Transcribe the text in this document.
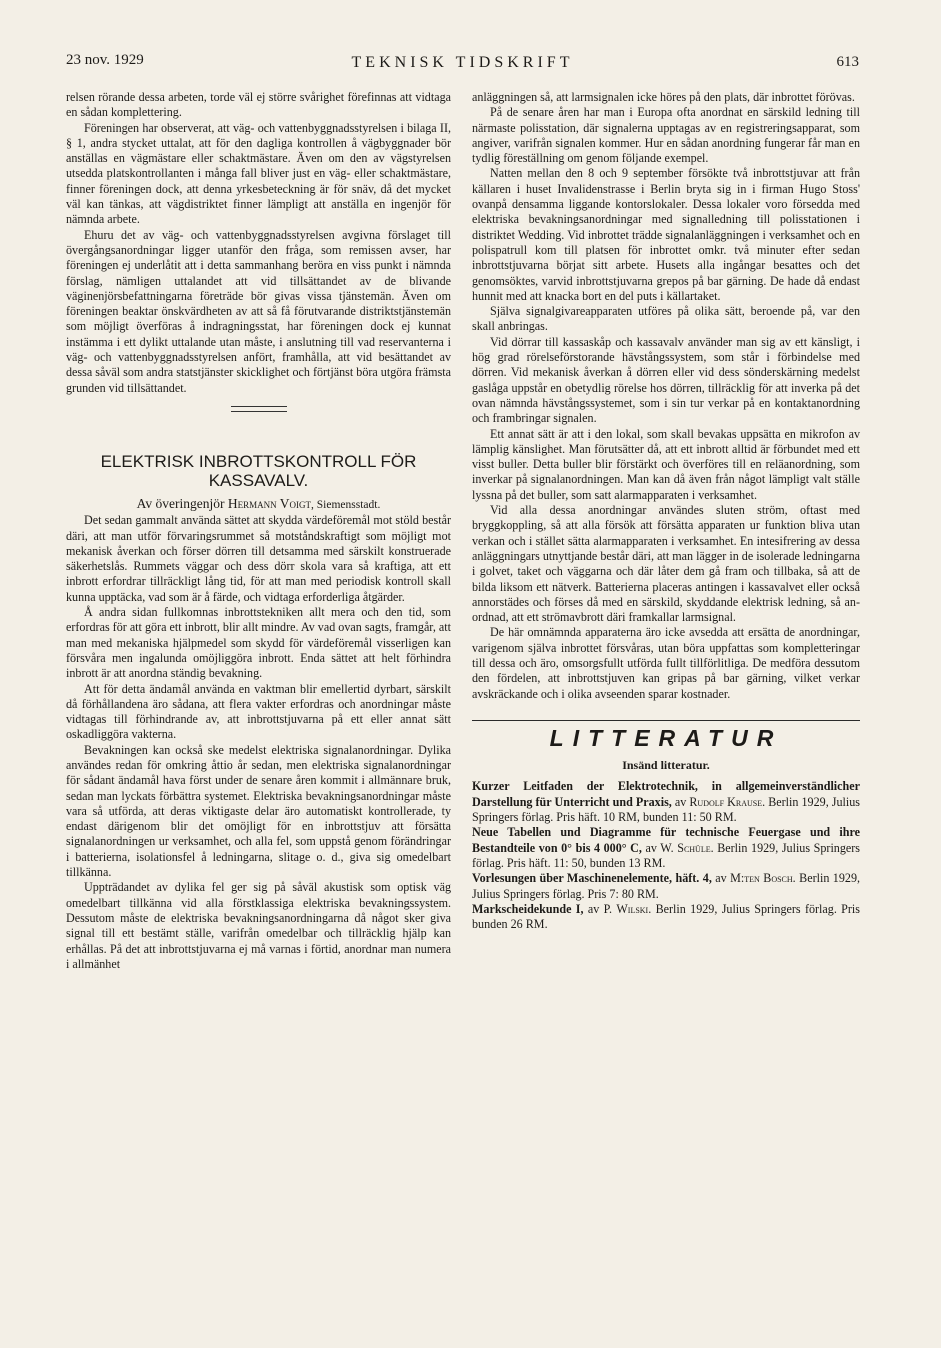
23 nov. 1929	TEKNISK TIDSKRIFT	613

relsen rörande dessa arbeten, torde väl ej större svårighet förefinnas att vidtaga en sådan komplettering.

Föreningen har observerat, att väg- och vattenbyggnadsstyrelsen i bilaga II, § 1, andra stycket uttalat, att för den dagliga kontrollen å vägbyggnader bör anställas en vägmästare eller schaktmästare. Även om den av vägstyrelsen utsedda platskontrollanten i många fall bliver just en väg- eller schaktmästare, finner föreningen dock, att denna yrkesbeteckning är för snäv, då det mycket väl kan tänkas, att vägdistriktet finner lämpligt att anställa en ingenjör för nämnda arbete.

Ehuru det av väg- och vattenbyggnadsstyrelsen avgivna förslaget till övergångsanordningar ligger utanför den fråga, som remissen avser, har föreningen ej underlåtit att i detta sammanhang beröra en viss punkt i nämnda förslag, nämligen uttalandet att vid tillsättandet av de blivande väginenjörsbefattningarna företräde bör givas vissa tjänstemän. Även om föreningen beaktar önskvärdheten av att så få förutvarande distriktstjänstemän som möjligt överföras å indragningsstat, har föreningen dock ej kunnat instämma i ett dylikt uttalande utan måste, i anslutning till vad reservanterna i väg- och vattenbyggnadsstyrelsen anfört, framhålla, att vid besättandet av dessa såväl som andra statstjänster skicklighet och förtjänst böra utgöra främsta grunden vid tillsättandet.

ELEKTRISK INBROTTSKONTROLL FÖR KASSAVALV.

Av överingenjör Hermann Voigt, Siemensstadt.

Det sedan gammalt använda sättet att skydda värdeföremål mot stöld består däri, att man utför förvaringsrummet så motståndskraftigt som möjligt mot mekanisk åverkan och förser dörren till detsamma med särskilt konstruerade säkerhetslås. Rummets väggar och dess dörr skola vara så kraftiga, att ett inbrott erfordrar tillräckligt lång tid, för att man med periodisk kontroll skall kunna upptäcka, vad som är å färde, och vidtaga erforderliga åtgärder.

Å andra sidan fullkomnas inbrottstekniken allt mera och den tid, som erfordras för att göra ett inbrott, blir allt mindre. Av vad ovan sagts, framgår, att man med mekaniska hjälpmedel som skydd för värdeföremål visserligen kan försvåra men ingalunda omöjliggöra inbrott. Enda sättet att helt förhindra inbrott är att anordna ständig bevakning.

Att för detta ändamål använda en vaktman blir emellertid dyrbart, särskilt då förhållandena äro sådana, att flera vakter erfordras och anordningar måste vidtagas till förhindrande av, att inbrottstjuvarna på ett eller annat sätt oskadliggöra vakterna.

Bevakningen kan också ske medelst elektriska signalanordningar. Dylika användes redan för omkring åttio år sedan, men elektriska signalanordningar för sådant ändamål hava först under de senare åren kommit i allmännare bruk, sedan man lyckats förbättra systemet. Elektriska bevakningsanordningar måste vara så utförda, att deras viktigaste delar äro automatiskt kontrollerade, ty endast därigenom blir det omöjligt för en inbrottstjuv att försätta signalanordningen ur verksamhet, och alla fel, som uppstå genom förändringar i batterierna, isolationsfel å ledningarna, slitage o. d., giva sig omedelbart tillkänna.

Uppträdandet av dylika fel ger sig på såväl akustisk som optisk väg omedelbart tillkänna vid alla förstklassiga elektriska bevakningssystem. Dessutom måste de elektriska bevakningsanordningarna då något sker giva signal till ett bestämt ställe, varifrån omedelbar och tillräcklig hjälp kan erhållas. På det att inbrottstjuvarna ej må varnas i förtid, anordnar man numera i allmänhet

anläggningen så, att larmsignalen icke höres på den plats, där inbrottet förövas.

På de senare åren har man i Europa ofta anordnat en särskild ledning till närmaste polisstation, där signalerna upptagas av en registreringsapparat, som angiver, varifrån signalen kommer. Hur en sådan anordning fungerar får man en tydlig föreställning om genom följande exempel.

Natten mellan den 8 och 9 september försökte två inbrottstjuvar att från källaren i huset Invalidenstrasse i Berlin bryta sig in i firman Hugo Stoss' ovanpå densamma liggande kontorslokaler. Dessa lokaler voro försedda med elektriska bevakningsanordningar med signalledning till polisstationen i distriktet Wedding. Vid inbrottet trädde signalanläggningen i verksamhet och en polispatrull kom till platsen för inbrottet omkr. två minuter efter sedan inbrottstjuvarna börjat sitt arbete. Husets alla ingångar besattes och det genomsöktes, varvid inbrottstjuvarna grepos på bar gärning. De hade då endast hunnit med att knacka bort en del puts i källartaket.

Själva signalgivareapparaten utföres på olika sätt, beroende på, var den skall anbringas.

Vid dörrar till kassaskåp och kassavalv använder man sig av ett känsligt, i hög grad rörelseförstorande hävstångssystem, som står i förbindelse med dörren. Vid mekanisk åverkan å dörren eller vid dess sönderskärning medelst gaslåga uppstår en obetydlig rörelse hos dörren, tillräcklig för att inverka på det ovan nämnda hävstångssystemet, som i sin tur verkar på en kontaktanordning och frambringar signalen.

Ett annat sätt är att i den lokal, som skall bevakas uppsätta en mikrofon av lämplig känslighet. Man förutsätter då, att ett inbrott alltid är förbundet med ett visst buller. Detta buller blir förstärkt och överföres till en reläanordning, som inverkar på signalanordningen. Man kan då även från något lämpligt valt ställe lyssna på det buller, som satt alarmapparaten i verksamhet.

Vid alla dessa anordningar användes sluten ström, oftast med bryggkoppling, så att alla försök att försätta apparaten ur funktion bliva utan verkan och i stället sätta alarmapparaten i verksamhet. En intesifrering av dessa anläggningars utnyttjande består däri, att man lägger in de isolerade ledningarna i golvet, taket och väggarna och där låter dem gå fram och tillbaka, så att de bilda liksom ett nätverk. Batterierna placeras antingen i kassavalvet eller också annorstädes och förses då med en särskild, skyddande elektrisk ledning, så anordnad, att ett strömavbrott däri framkallar larmsignal.

De här omnämnda apparaterna äro icke avsedda att ersätta de anordningar, varigenom själva inbrottet försvåras, utan böra uppfattas som kompletteringar till dessa och äro, omsorgsfullt utförda fullt tillförlitliga. De medföra dessutom den fördelen, att inbrottstjuven kan gripas på bar gärning, vilket verkar avskräckande och i olika avseenden sparar kostnader.

LITTERATUR
Insänd litteratur.

Kurzer Leitfaden der Elektrotechnik, in allgemeinverständlicher Darstellung für Unterricht und Praxis, av Rudolf Krause. Berlin 1929, Julius Springers förlag. Pris häft. 10 RM, bunden 11: 50 RM.

Neue Tabellen und Diagramme für technische Feuergase und ihre Bestandteile von 0° bis 4 000° C, av W. Schüle. Berlin 1929, Julius Springers förlag. Pris häft. 11: 50, bunden 13 RM.

Vorlesungen über Maschinenelemente, häft. 4, av M:ten Bosch. Berlin 1929, Julius Springers förlag. Pris 7: 80 RM.

Markscheidekunde I, av P. Wilski. Berlin 1929, Julius Springers förlag. Pris bunden 26 RM.
